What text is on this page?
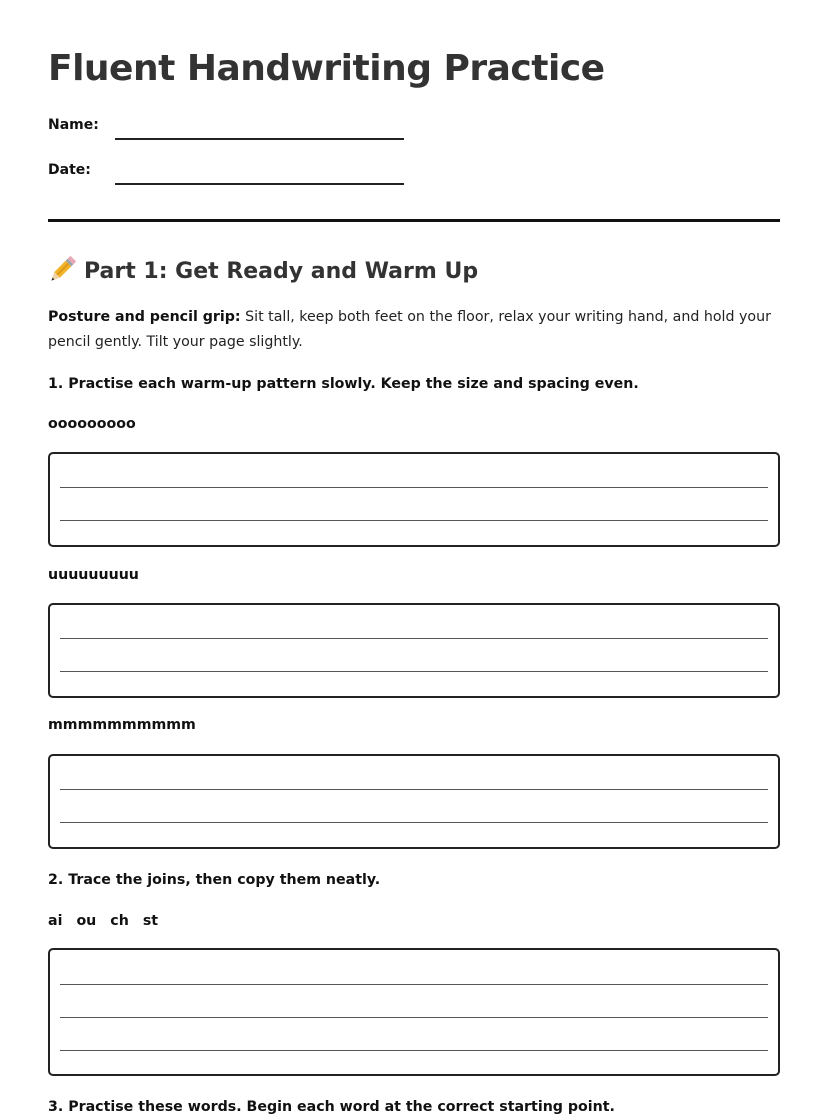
Fluent Handwriting Practice
Name:
Date:
Part 1: Get Ready and Warm Up

Posture and pencil grip: Sit tall, keep both feet on the floor, relax your writing hand, and hold your pencil gently. Tilt your page slightly.

1. Practise each warm-up pattern slowly. Keep the size and spacing even.

ooooooooo

uuuuuuuuu

mmmmmmmmmm

2. Trace the joins, then copy them neatly.

ai ou ch st

3. Practise these words. Begin each word at the correct starting point.
